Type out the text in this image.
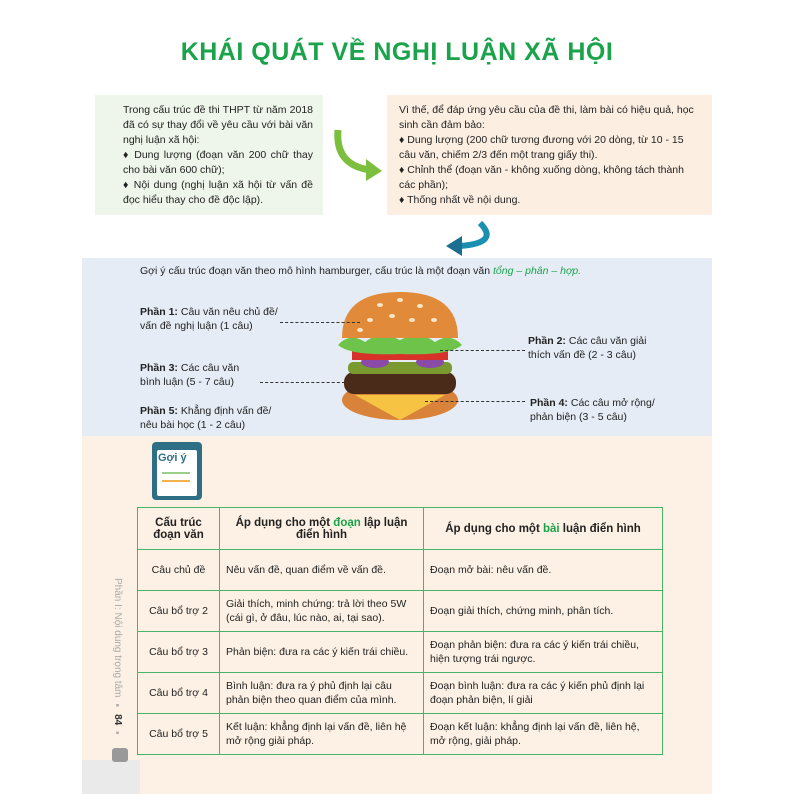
KHÁI QUÁT VỀ NGHỊ LUẬN XÃ HỘI
Trong cấu trúc đề thi THPT từ năm 2018 đã có sự thay đổi về yêu cầu với bài văn nghị luận xã hội:
♦ Dung lượng (đoạn văn 200 chữ thay cho bài văn 600 chữ);
♦ Nội dung (nghị luận xã hội từ vấn đề đọc hiểu thay cho đề độc lập).
Vì thế, để đáp ứng yêu cầu của đề thi, làm bài có hiệu quả, học sinh cần đảm bảo:
♦ Dung lượng (200 chữ tương đương với 20 dòng, từ 10 - 15 câu văn, chiếm 2/3 đến một trang giấy thi).
♦ Chỉnh thể (đoạn văn - không xuống dòng, không tách thành các phần);
♦ Thống nhất về nội dung.
Gợi ý cấu trúc đoạn văn theo mô hình hamburger, cấu trúc là một đoạn văn tổng – phân – hợp.
Phần 1: Câu văn nêu chủ đề/ vấn đề nghị luận (1 câu)
Phần 2: Các câu văn giải thích vấn đề (2 - 3 câu)
Phần 3: Các câu văn bình luận (5 - 7 câu)
Phần 4: Các câu mở rộng/ phản biện (3 - 5 câu)
Phần 5: Khẳng định vấn đề/ nêu bài học (1 - 2 câu)
Gợi ý
Cấu trúc đoạn văn	Áp dụng cho một đoạn lập luận điển hình	Áp dụng cho một bài luận điển hình
Câu chủ đề	Nêu vấn đề, quan điểm về vấn đề.	Đoạn mở bài: nêu vấn đề.
Câu bổ trợ 2	Giải thích, minh chứng: trả lời theo 5W (cái gì, ở đâu, lúc nào, ai, tại sao).	Đoạn giải thích, chứng minh, phân tích.
Câu bổ trợ 3	Phản biện: đưa ra các ý kiến trái chiều.	Đoạn phản biện: đưa ra các ý kiến trái chiều, hiện tượng trái ngược.
Câu bổ trợ 4	Bình luận: đưa ra ý phủ định lại câu phản biện theo quan điểm của mình.	Đoạn bình luận: đưa ra các ý kiến phủ định lại đoạn phản biện, lí giải
Câu bổ trợ 5	Kết luận: khẳng định lại vấn đề, liên hệ mở rộng giải pháp.	Đoạn kết luận: khẳng định lại vấn đề, liên hệ, mở rộng, giải pháp.
Phần I: Nội dung trọng tâm ▪ 84 ▪
